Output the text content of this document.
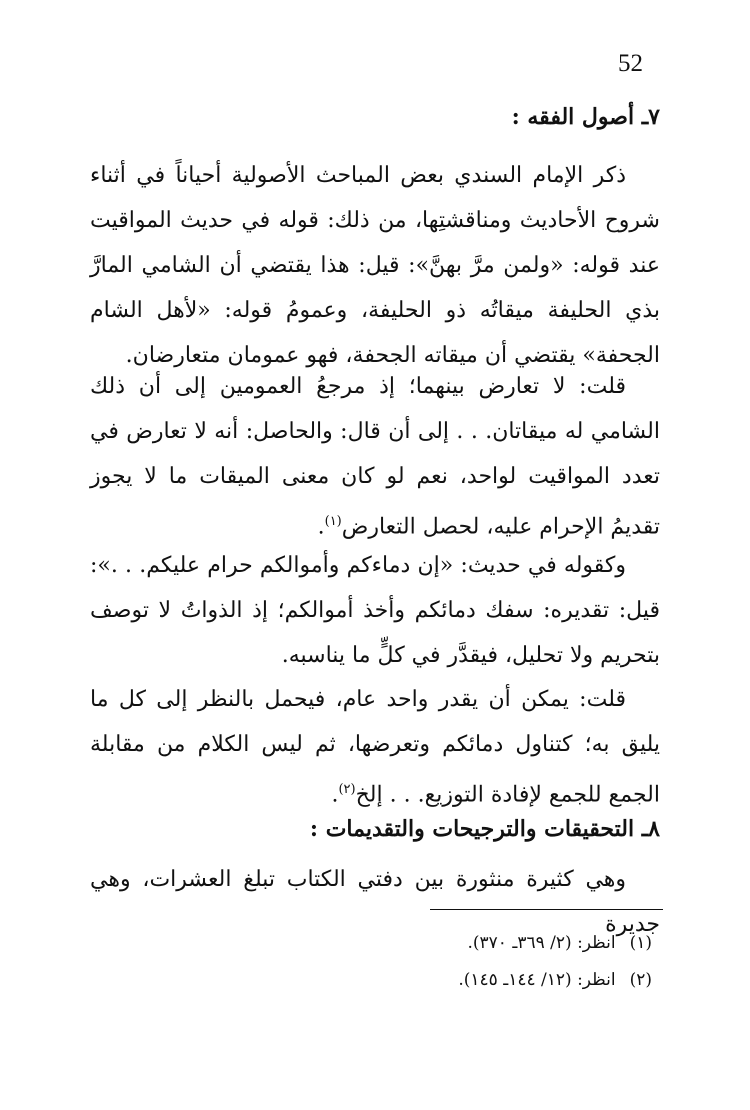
52
٧ـ أصول الفقه :

ذكر الإمام السندي بعض المباحث الأصولية أحياناً في أثناء شروح الأحاديث ومناقشتِها، من ذلك: قوله في حديث المواقيت عند قوله: «ولمن مرَّ بهنَّ»: قيل: هذا يقتضي أن الشامي المارَّ بذي الحليفة ميقاتُه ذو الحليفة، وعمومُ قوله: «لأهل الشام الجحفة» يقتضي أن ميقاته الجحفة، فهو عمومان متعارضان.

قلت: لا تعارض بينهما؛ إذ مرجعُ العمومين إلى أن ذلك الشامي له ميقاتان. . . إلى أن قال: والحاصل: أنه لا تعارض في تعدد المواقيت لواحد، نعم لو كان معنى الميقات ما لا يجوز تقديمُ الإحرام عليه، لحصل التعارض$^{(١)}$.

وكقوله في حديث: «إن دماءكم وأموالكم حرام عليكم. . .»: قيل: تقديره: سفك دمائكم وأخذ أموالكم؛ إذ الذواتُ لا توصف بتحريم ولا تحليل، فيقدَّر في كلٍّ ما يناسبه.

قلت: يمكن أن يقدر واحد عام، فيحمل بالنظر إلى كل ما يليق به؛ كتناول دمائكم وتعرضها، ثم ليس الكلام من مقابلة الجمع للجمع لإفادة التوزيع. . . إلخ$^{(٢)}$.

٨ـ التحقيقات والترجيحات والتقديمات :

وهي كثيرة منثورة بين دفتي الكتاب تبلغ العشرات، وهي جديرة

(١)انظر: (٢/ ٣٦٩ـ ٣٧٠).
(٢)انظر: (١٢/ ١٤٤ـ ١٤٥).
